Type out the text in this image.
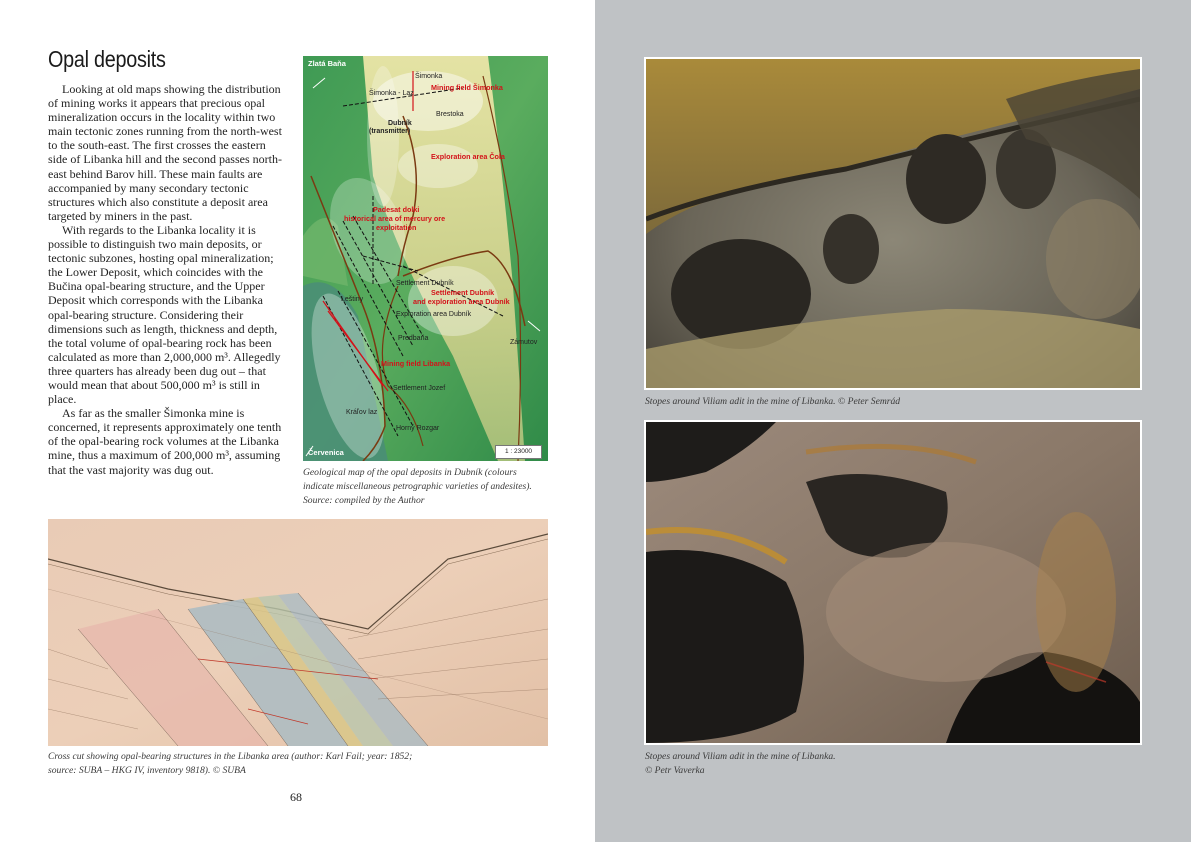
Opal deposits

Looking at old maps showing the distribution of mining works it appears that precious opal mineralization occurs in the locality within two main tectonic zones running from the north-west to the south-east. The first crosses the eastern side of Libanka hill and the second passes north-east behind Barov hill. These main faults are accompanied by many secondary tectonic structures which also constitute a deposit area targeted by miners in the past.

With regards to the Libanka locality it is possible to distinguish two main deposits, or tectonic subzones, hosting opal mineralization; the Lower Deposit, which coincides with the Bučina opal-bearing structure, and the Upper Deposit which corresponds with the Libanka opal-bearing structure. Considering their dimensions such as length, thickness and depth, the total volume of opal-bearing rock has been calculated as more than 2,000,000 m³. Allegedly three quarters has already been dug out – that would mean that about 500,000 m³ is still in place.

As far as the smaller Šimonka mine is concerned, it represents approximately one tenth of the opal-bearing rock volumes at the Libanka mine, thus a maximum of 200,000 m³, assuming that the vast majority was dug out.

Zlatá Baňa
Šimonka
Šimonka - Laz
Mining field Šimonka
Brestoka
Dubník
(transmitter)
Exploration area Čola
Padesat dolki
historical area of mercury ore
exploitation
Settlement Dubník
Settlement Dubník
and exploration area Dubník
Leštiny
Exploration area Dubník
Zámutov
Predbaňa
Mining field Libanka
Settlement Jozef
Kráľov laz
Horný Rozgar
Červenica	1 : 23000
Geological map of the opal deposits in Dubník (colours indicate miscellaneous petrographic varieties of andesites). Source: compiled by the Author
Cross cut showing opal-bearing structures in the Libanka area (author: Karl Fail; year: 1852; source: SUBA – HKG IV, inventory 9818). © SUBA
68
Stopes around Viliam adit in the mine of Libanka. © Peter Semrád
Stopes around Viliam adit in the mine of Libanka.
© Petr Vaverka
